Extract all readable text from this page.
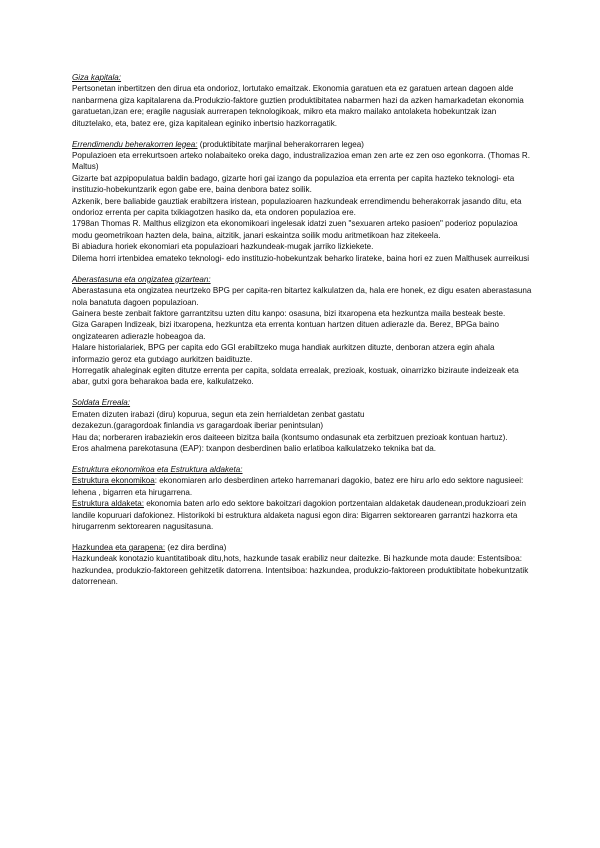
Giza kapitala:

Pertsonetan inbertitzen den dirua eta ondorioz, lortutako emaitzak. Ekonomia garatuen eta ez garatuen artean dagoen alde nanbarmena giza kapitalarena da.Produkzio-faktore guztien produktibitatea nabarmen hazi da azken hamarkadetan ekonomia garatuetan,izan ere; eragile nagusiak aurrerapen teknologikoak, mikro eta makro mailako antolaketa hobekuntzak izan dituztelako, eta, batez ere, giza kapitalean eginiko inbertsio hazkorragatik.

Errendimendu beherakorren legea: (produktibitate marjinal beherakorraren legea)

Populazioen eta errekurtsoen arteko nolabaiteko oreka dago, industralizazioa eman zen arte ez zen oso egonkorra. (Thomas R. Maltus)

Gizarte bat azpipopulatua baldin badago, gizarte hori gai izango da populazioa eta errenta per capita hazteko teknologi- eta instituzio-hobekuntzarik egon gabe ere, baina denbora batez soilik.

Azkenik, bere baliabide gauztiak erabiltzera iristean, populazioaren hazkundeak errendimendu beherakorrak jasando ditu, eta ondorioz errenta per capita txikiagotzen hasiko da, eta ondoren populazioa ere.

1798an Thomas R. Malthus elizgizon eta ekonomikoari ingelesak idatzi zuen "sexuaren arteko pasioen" poderioz populazioa modu geometrikoan hazten dela, baina, aitzitik, janari eskaintza soilik modu aritmetikoan haz zitekeela.

Bi abiadura horiek ekonomiari eta populazioari hazkundeak-mugak jarriko lizkiekete.

Dilema horri irtenbidea emateko teknologi- edo instituzio-hobekuntzak beharko lirateke, baina hori ez zuen Malthusek aurreikusi

Aberastasuna eta ongizatea gizartean:

Aberastasuna eta ongizatea neurtzeko BPG per capita-ren bitartez kalkulatzen da, hala ere honek, ez digu esaten aberastasuna nola banatuta dagoen populazioan.

Gainera beste zenbait faktore garrantzitsu uzten ditu kanpo: osasuna, bizi itxaropena eta hezkuntza maila besteak beste.

Giza Garapen Indizeak, bizi itxaropena, hezkuntza eta errenta kontuan hartzen dituen adierazle da. Berez, BPGa baino ongizatearen adierazle hobeagoa da.

Halare historialariek, BPG per capita edo GGI erabiltzeko muga handiak aurkitzen dituzte, denboran atzera egin ahala informazio geroz eta gutxiago aurkitzen baidituzte.

Horregatik ahaleginak egiten ditutze errenta per capita, soldata errealak, prezioak, kostuak, oinarrizko biziraute indeizeak eta abar, gutxi gora beharakoa bada ere, kalkulatzeko.

Soldata Erreala:

Ematen dizuten irabazi (diru) kopurua, segun eta zein herrialdetan zenbat gastatu

dezakezun.(garagordoak finlandia vs garagardoak iberiar penintsulan)

Hau da; norberaren irabaziekin eros daiteeen bizitza baila (kontsumo ondasunak eta zerbitzuen prezioak kontuan hartuz).

Eros ahalmena parekotasuna (EAP): txanpon desberdinen balio erlatiboa kalkulatzeko teknika bat da.

Estruktura ekonomikoa eta Estruktura aldaketa:

Estruktura ekonomikoa: ekonomiaren arlo desberdinen arteko harremanari dagokio, batez ere hiru arlo edo sektore nagusieei: lehena , bigarren eta hirugarrena.

Estruktura aldaketa: ekonomia baten arlo edo sektore bakoitzari dagokion portzentaian aldaketak daudenean,produkzioari zein landile kopuruari dafokionez. Historikoki bi estruktura aldaketa nagusi egon dira: Bigarren sektorearen garrantzi hazkorra eta hirugarrenm sektorearen nagusitasuna.

Hazkundea eta garapena: (ez dira berdina)

Hazkundeak konotazio kuantitatiboak ditu,hots, hazkunde tasak erabiliz neur daitezke. Bi hazkunde mota daude: Estentsiboa: hazkundea, produkzio-faktoreen gehitzetik datorrena. Intentsiboa: hazkundea, produkzio-faktoreen produktibitate hobekuntzatik datorrenean.
